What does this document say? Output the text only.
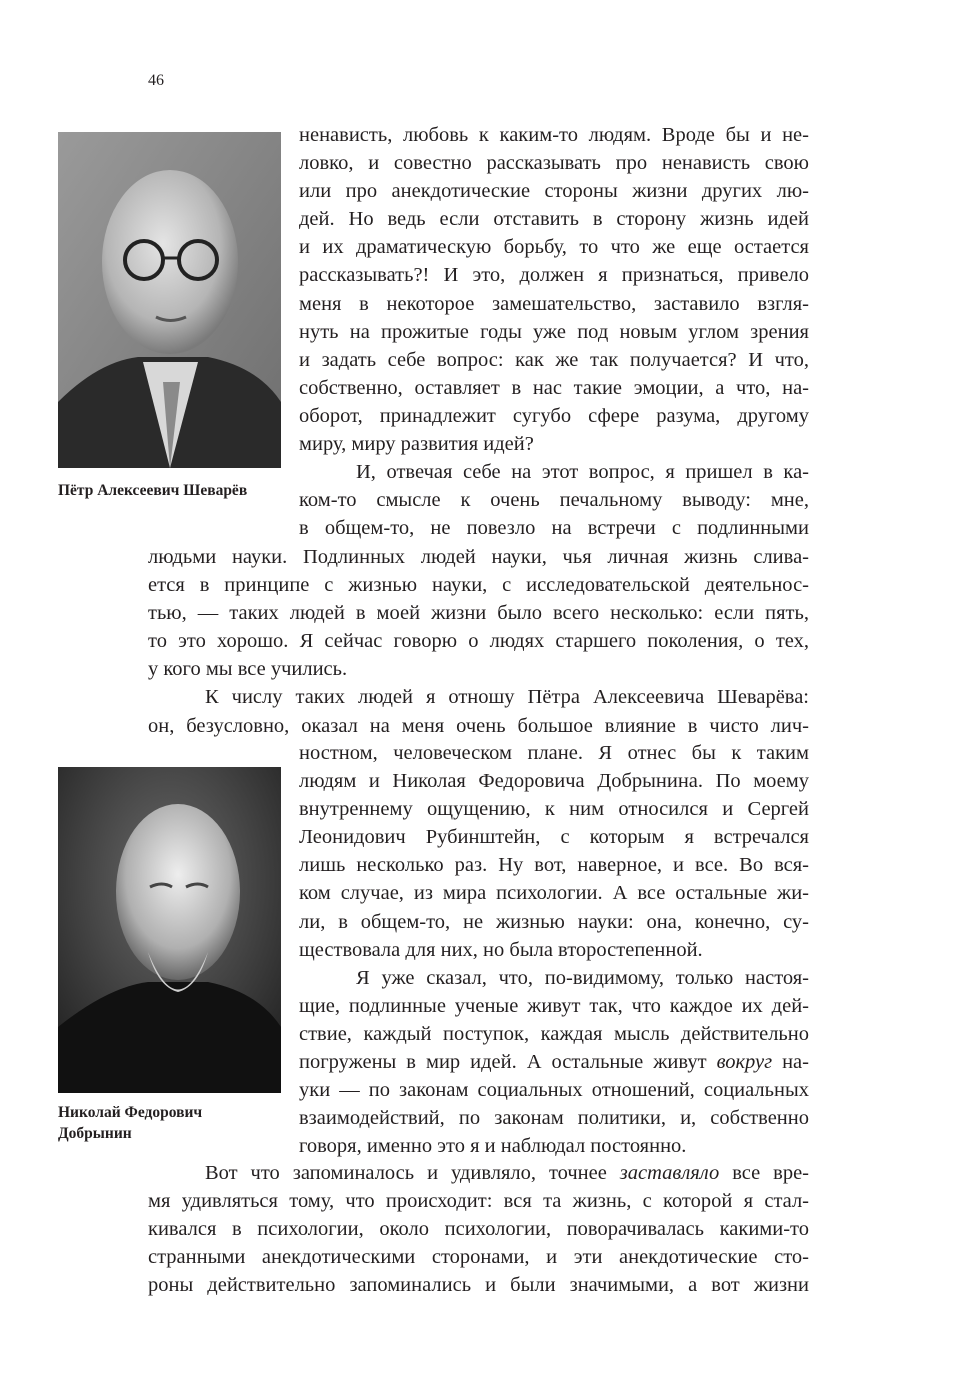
46
Пётр Алексеевич Шеварёв
Николай Федорович
Добрынин
ненависть, любовь к каким-то людям. Вроде бы и не-
ловко, и совестно рассказывать про ненависть свою
или про анекдотические стороны жизни других лю-
дей. Но ведь если отставить в сторону жизнь идей
и их драматическую борьбу, то что же еще остается
рассказывать?! И это, должен я признаться, привело
меня в некоторое замешательство, заставило взгля-
нуть на прожитые годы уже под новым углом зрения
и задать себе вопрос: как же так получается? И что,
собственно, оставляет в нас такие эмоции, а что, на-
оборот, принадлежит сугубо сфере разума, другому
миру, миру развития идей?
И, отвечая себе на этот вопрос, я пришел в ка-
ком-то смысле к очень печальному выводу: мне,
в общем-то, не повезло на встречи с подлинными
людьми науки. Подлинных людей науки, чья личная жизнь слива-
ется в принципе с жизнью науки, с исследовательской деятельнос-
тью, — таких людей в моей жизни было всего несколько: если пять,
то это хорошо. Я сейчас говорю о людях старшего поколения, о тех,
у кого мы все учились.
К числу таких людей я отношу Пётра Алексеевича Шеварёва:
он, безусловно, оказал на меня очень большое влияние в чисто лич-
ностном, человеческом плане. Я отнес бы к таким
людям и Николая Федоровича Добрынина. По моему
внутреннему ощущению, к ним относился и Сергей
Леонидович Рубинштейн, с которым я встречался
лишь несколько раз. Ну вот, наверное, и все. Во вся-
ком случае, из мира психологии. А все остальные жи-
ли, в общем-то, не жизнью науки: она, конечно, су-
ществовала для них, но была второстепенной.
Я уже сказал, что, по-видимому, только настоя-
щие, подлинные ученые живут так, что каждое их дей-
ствие, каждый поступок, каждая мысль действительно
погружены в мир идей. А остальные живут вокруг на-
уки — по законам социальных отношений, социальных
взаимодействий, по законам политики, и, собственно
говоря, именно это я и наблюдал постоянно.
Вот что запоминалось и удивляло, точнее заставляло все вре-
мя удивляться тому, что происходит: вся та жизнь, с которой я стал-
кивался в психологии, около психологии, поворачивалась какими-то
странными анекдотическими сторонами, и эти анекдотические сто-
роны действительно запоминались и были значимыми, а вот жизни
